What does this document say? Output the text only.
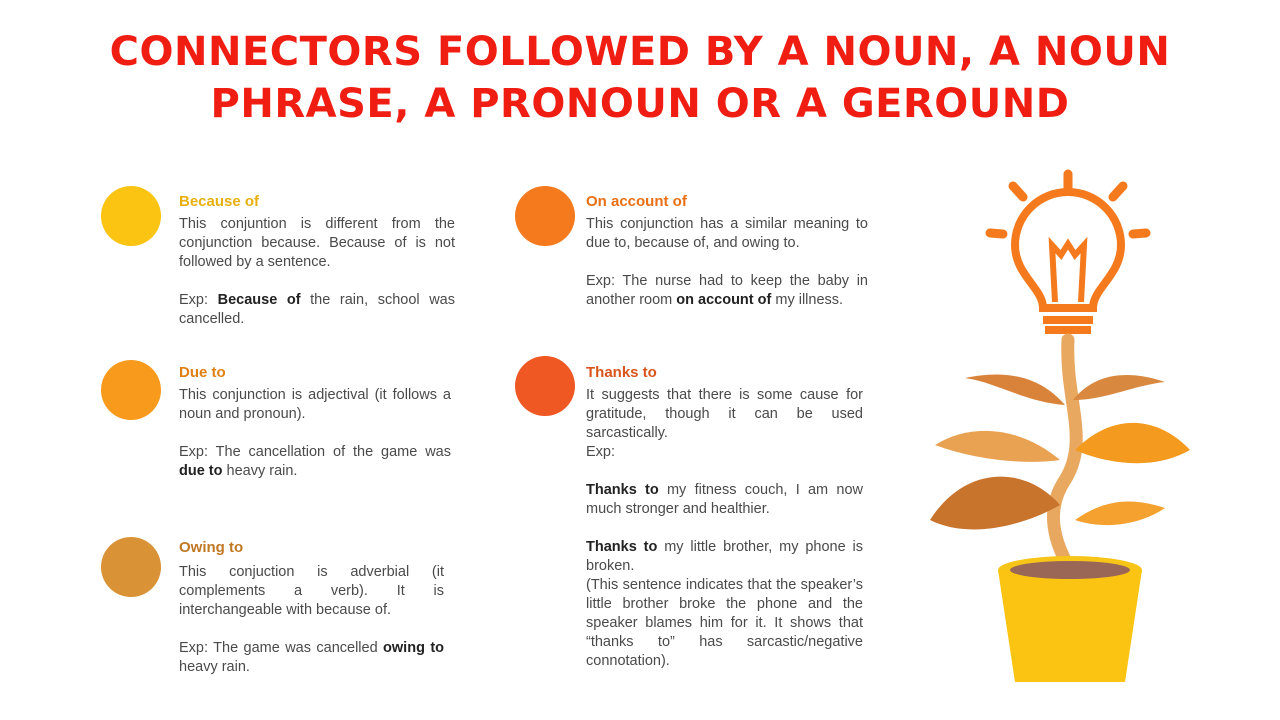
CONNECTORS FOLLOWED BY A NOUN, A NOUN
PHRASE, A PRONOUN OR A GEROUND
Because of

This conjuntion is different from the conjunction because. Because of is not followed by a sentence.

Exp: Because of the rain, school was cancelled.

Due to

This conjunction is adjectival (it follows a noun and pronoun).

Exp: The cancellation of the game was due to heavy rain.

Owing to

This conjuction is adverbial (it complements a verb). It is interchangeable with because of.

Exp: The game was cancelled owing to heavy rain.

On account of

This conjunction has a similar meaning to due to, because of, and owing to.

Exp: The nurse had to keep the baby in another room on account of my illness.

Thanks to

It suggests that there is some cause for gratitude, though it can be used sarcastically.

Exp:

Thanks to my fitness couch, I am now much stronger and healthier.

Thanks to my little brother, my phone is broken.

(This sentence indicates that the speaker’s little brother broke the phone and the speaker blames him for it. It shows that “thanks to” has sarcastic/negative connotation).
